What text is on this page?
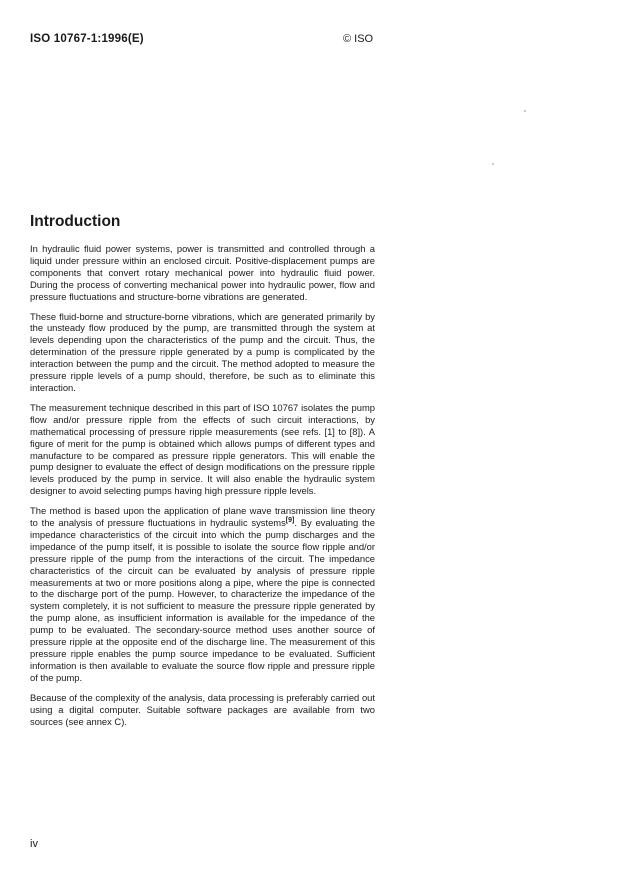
ISO 10767-1:1996(E)	© ISO
Introduction

In hydraulic fluid power systems, power is transmitted and controlled through a liquid under pressure within an enclosed circuit. Positive-displacement pumps are components that convert rotary mechanical power into hydraulic fluid power. During the process of converting mechanical power into hydraulic power, flow and pressure fluctuations and structure-borne vibrations are generated.

These fluid-borne and structure-borne vibrations, which are generated primarily by the unsteady flow produced by the pump, are transmitted through the system at levels depending upon the characteristics of the pump and the circuit. Thus, the determination of the pressure ripple generated by a pump is complicated by the interaction between the pump and the circuit. The method adopted to measure the pressure ripple levels of a pump should, therefore, be such as to eliminate this interaction.

The measurement technique described in this part of ISO 10767 isolates the pump flow and/or pressure ripple from the effects of such circuit interactions, by mathematical processing of pressure ripple measurements (see refs. [1] to [8]). A figure of merit for the pump is obtained which allows pumps of different types and manufacture to be compared as pressure ripple generators. This will enable the pump designer to evaluate the effect of design modifications on the pressure ripple levels produced by the pump in service. It will also enable the hydraulic system designer to avoid selecting pumps having high pressure ripple levels.

The method is based upon the application of plane wave transmission line theory to the analysis of pressure fluctuations in hydraulic systems[9]. By evaluating the impedance characteristics of the circuit into which the pump discharges and the impedance of the pump itself, it is possible to isolate the source flow ripple and/or pressure ripple of the pump from the interactions of the circuit. The impedance characteristics of the circuit can be evaluated by analysis of pressure ripple measurements at two or more positions along a pipe, where the pipe is connected to the discharge port of the pump. However, to characterize the impedance of the system completely, it is not sufficient to measure the pressure ripple generated by the pump alone, as insufficient information is available for the impedance of the pump to be evaluated. The secondary-source method uses another source of pressure ripple at the opposite end of the discharge line. The measurement of this pressure ripple enables the pump source impedance to be evaluated. Sufficient information is then available to evaluate the source flow ripple and pressure ripple of the pump.

Because of the complexity of the analysis, data processing is preferably carried out using a digital computer. Suitable software packages are available from two sources (see annex C).

iv
